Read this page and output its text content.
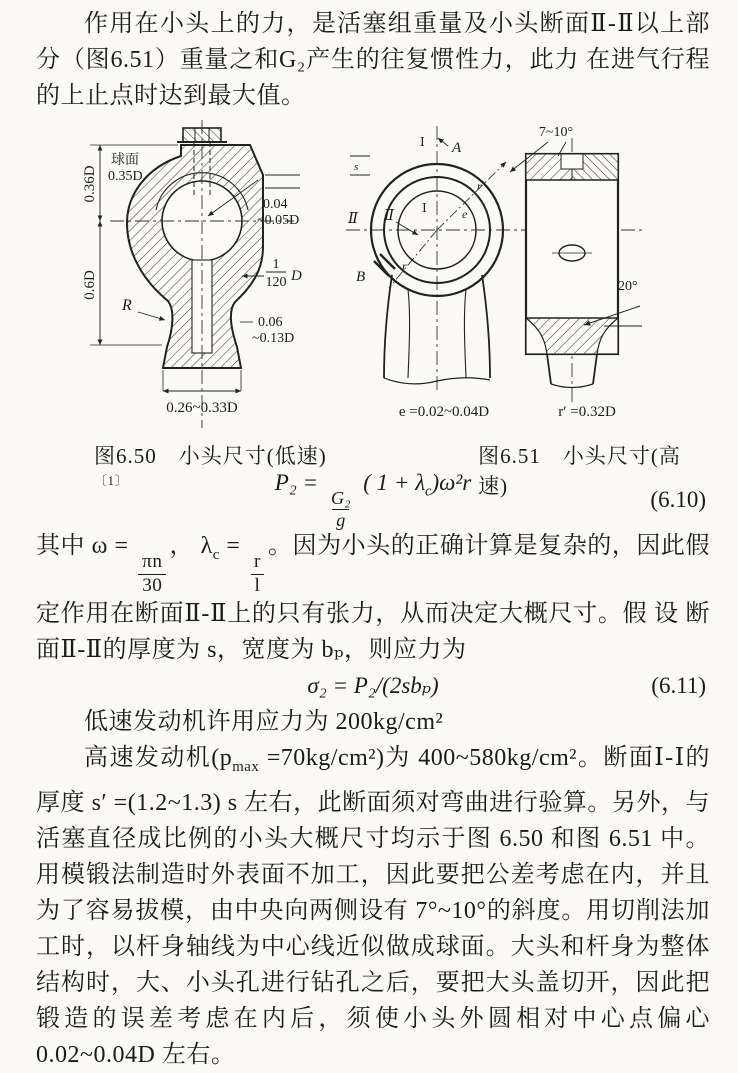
作用在小头上的力，是活塞组重量及小头断面Ⅱ-Ⅱ以上部分（图6.51）重量之和G₂产生的往复惯性力，此力 在进气行程的上止点时达到最大值。

球面
0.35D
0.36D
0.6D
R
0.04
~0.05D
1
120 D
0.06
~0.13D
0.26~0.33D
7~10°
A
Ⅰ
Ⅰ
Ⅱ Ⅱ
B
s
e
r
r
20°
e =0.02~0.04D	r′ =0.32D
图6.50　小头尺寸(低速)$^{〔1〕}$
图6.51　小头尺寸(高速)
P₂ =
$\frac{\text{G₂}}{g}$
( $1 + \lambda_c)\omega^2r$
(6.10)

其中 ω =
$\frac{\pi n}{30}$
， $\lambda_c$ =
$\frac{r}{l}$
。因为小头的正确计算是复杂的，因此假定作用在断面Ⅱ-Ⅱ上的只有张力，从而决定大概尺寸。假 设 断面Ⅱ-Ⅱ的厚度为 s，宽度为 bₚ，则应力为

σ₂ = P₂/(2sbₚ)	(6.11)

低速发动机许用应力为 200kg/cm²

高速发动机$(p_{max} =70kg/cm^2)$为 400~580kg/cm²。断面Ⅰ-Ⅰ的厚度 s′ =(1.2~1.3) s 左右，此断面须对弯曲进行验算。另外，与活塞直径成比例的小头大概尺寸均示于图 6.50 和图 6.51 中。用模锻法制造时外表面不加工，因此要把公差考虑在内，并且为了容易拔模，由中央向两侧设有 7°~10°的斜度。用切削法加工时，以杆身轴线为中心线近似做成球面。大头和杆身为整体结构时，大、小头孔进行钻孔之后，要把大头盖切开，因此把锻造的误差考虑在内后，须使小头外圆相对中心点偏心 0.02~0.04D 左右。
